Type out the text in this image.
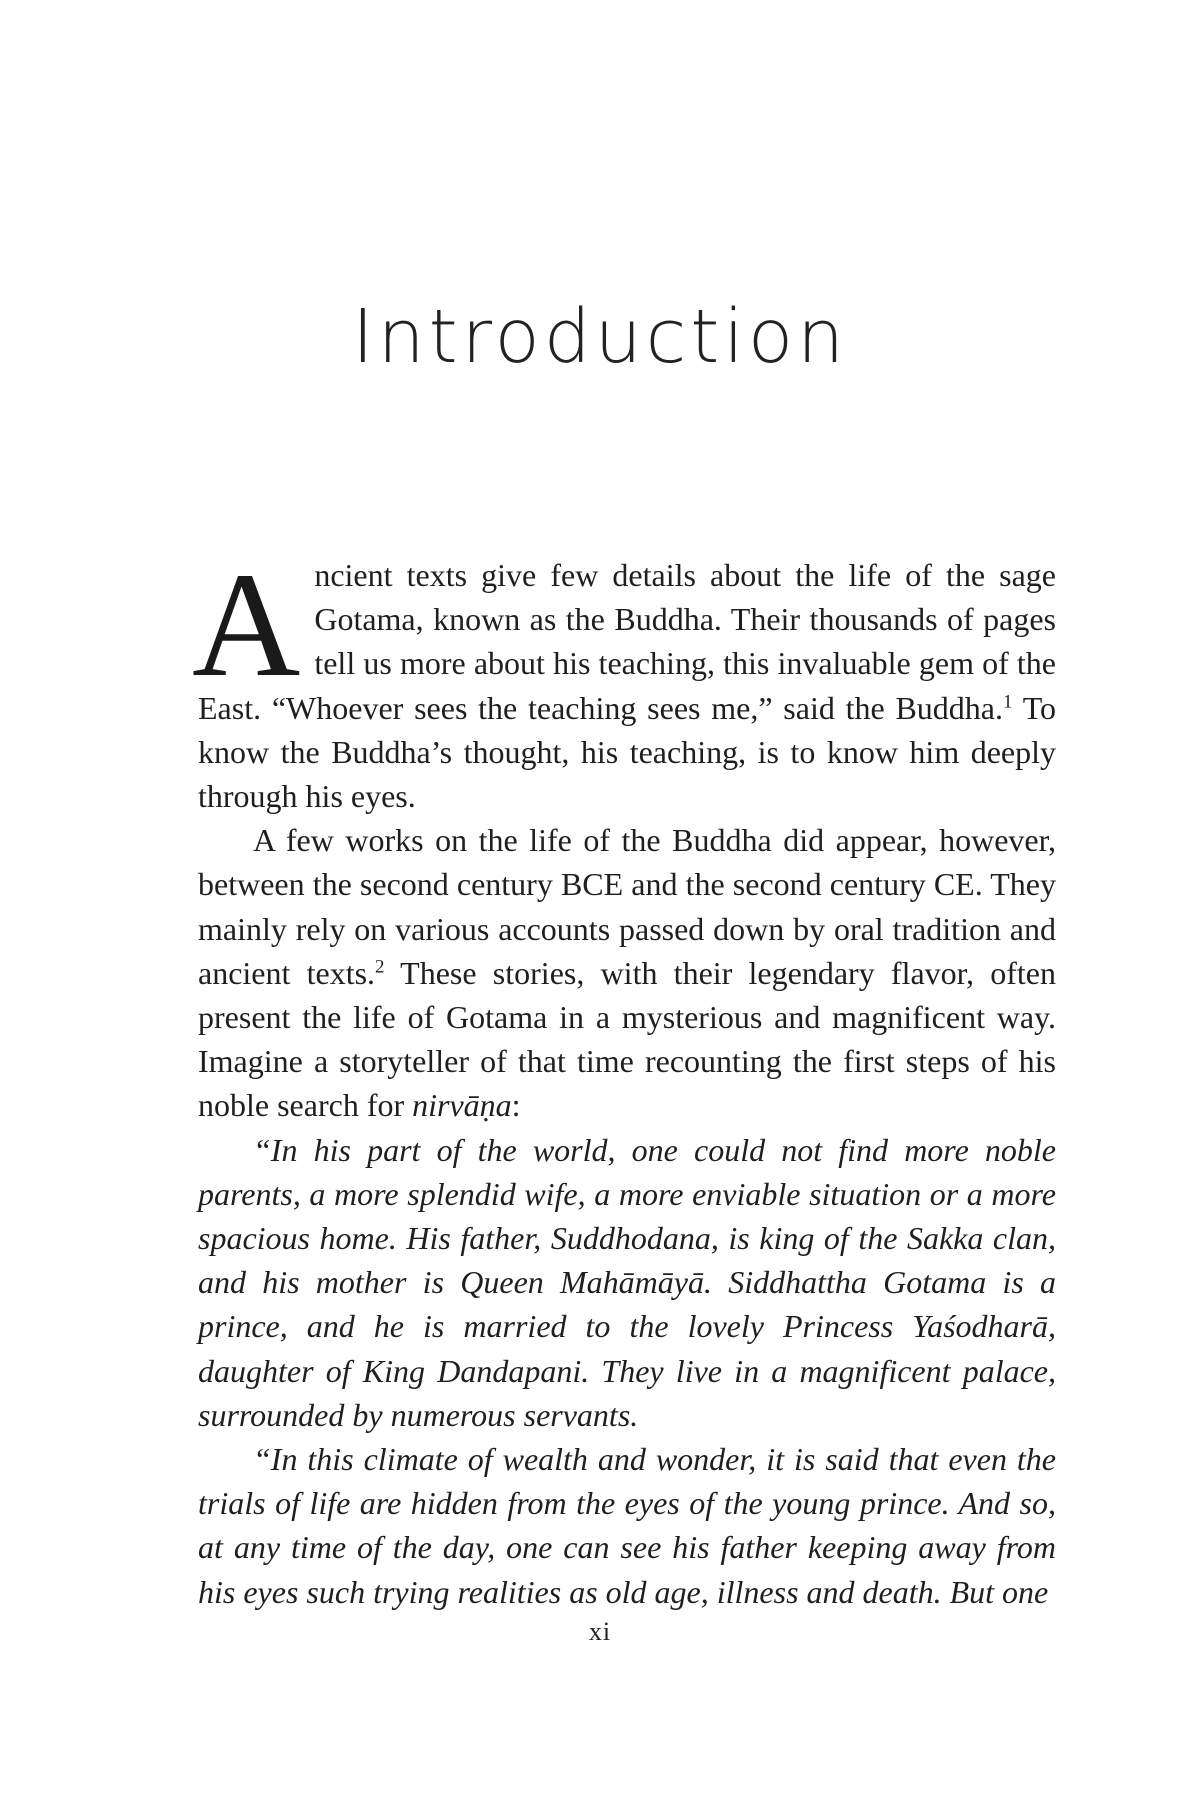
Introduction

Ancient texts give few details about the life of the sage Gotama, known as the Buddha. Their thousands of pages tell us more about his teaching, this invaluable gem of the East. “Whoever sees the teaching sees me,” said the Buddha.$^1$ To know the Buddha’s thought, his teaching, is to know him deeply through his eyes.

A few works on the life of the Buddha did appear, however, between the second century BCE and the second century CE. They mainly rely on various accounts passed down by oral tradition and ancient texts.$^2$ These stories, with their legendary flavor, often present the life of Gotama in a mysterious and magnificent way. Imagine a storyteller of that time recounting the first steps of his noble search for nirvāṇa:

“In his part of the world, one could not find more noble parents, a more splendid wife, a more enviable situation or a more spacious home. His father, Suddhodana, is king of the Sakka clan, and his mother is Queen Mahāmāyā. Siddhattha Gotama is a prince, and he is married to the lovely Princess Yaśodharā, daughter of King Dandapani. They live in a magnificent palace, surrounded by numerous servants.

“In this climate of wealth and wonder, it is said that even the trials of life are hidden from the eyes of the young prince. And so, at any time of the day, one can see his father keeping away from his eyes such trying realities as old age, illness and death. But one

xi
